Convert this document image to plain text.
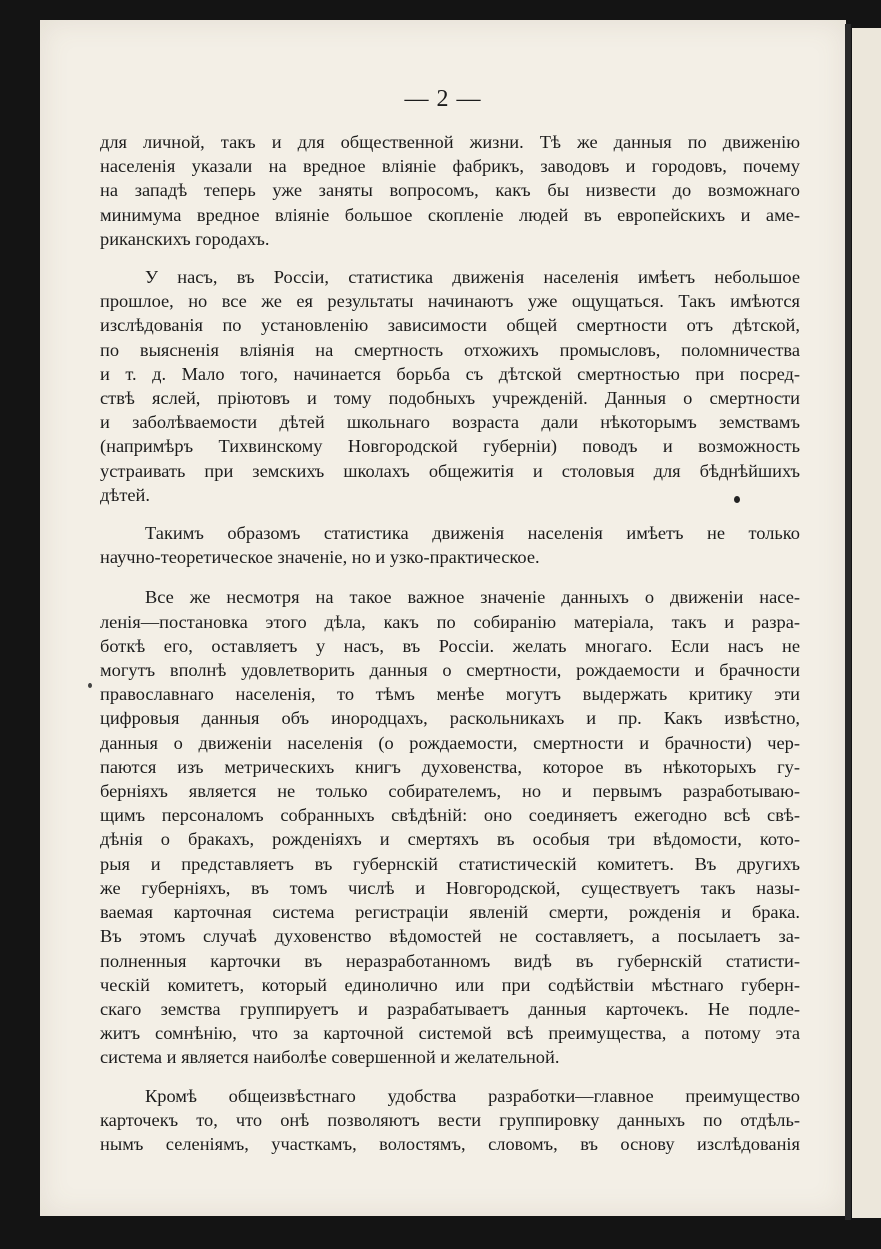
— 2 —
для личной, такъ и для общественной жизни. Тѣ же данныя по движенію
населенія указали на вредное вліяніе фабрикъ, заводовъ и городовъ, почему
на западѣ теперь уже заняты вопросомъ, какъ бы низвести до возможнаго
минимума вредное вліяніе большое скопленіе людей въ европейскихъ и аме-
риканскихъ городахъ.
У насъ, въ Россіи, статистика движенія населенія имѣетъ небольшое
прошлое, но все же ея результаты начинаютъ уже ощущаться. Такъ имѣются
изслѣдованія по установленію зависимости общей смертности отъ дѣтской,
по выясненія вліянія на смертность отхожихъ промысловъ, поломничества
и т. д. Мало того, начинается борьба съ дѣтской смертностью при посред-
ствѣ яслей, пріютовъ и тому подобныхъ учрежденій. Данныя о смертности
и заболѣваемости дѣтей школьнаго возраста дали нѣкоторымъ земствамъ
(напримѣръ Тихвинскому Новгородской губерніи) поводъ и возможность
устраивать при земскихъ школахъ общежитія и столовыя для бѣднѣйшихъ
дѣтей.
Такимъ образомъ статистика движенія населенія имѣетъ не только
научно-теоретическое значеніе, но и узко-практическое.
Все же несмотря на такое важное значеніе данныхъ о движеніи насе-
ленія—постановка этого дѣла, какъ по собиранію матеріала, такъ и разра-
боткѣ его, оставляетъ у насъ, въ Россіи. желать многаго. Если насъ не
могутъ вполнѣ удовлетворить данныя о смертности, рождаемости и брачности
православнаго населенія, то тѣмъ менѣе могутъ выдержать критику эти
цифровыя данныя объ инородцахъ, раскольникахъ и пр. Какъ извѣстно,
данныя о движеніи населенія (о рождаемости, смертности и брачности) чер-
паются изъ метрическихъ книгъ духовенства, которое въ нѣкоторыхъ гу-
берніяхъ является не только собирателемъ, но и первымъ разработываю-
щимъ персоналомъ собранныхъ свѣдѣній: оно соединяетъ ежегодно всѣ свѣ-
дѣнія о бракахъ, рожденіяхъ и смертяхъ въ особыя три вѣдомости, кото-
рыя и представляетъ въ губернскій статистическій комитетъ. Въ другихъ
же губерніяхъ, въ томъ числѣ и Новгородской, существуетъ такъ назы-
ваемая карточная система регистраціи явленій смерти, рожденія и брака.
Въ этомъ случаѣ духовенство вѣдомостей не составляетъ, а посылаетъ за-
полненныя карточки въ неразработанномъ видѣ въ губернскій статисти-
ческій комитетъ, который единолично или при содѣйствіи мѣстнаго губерн-
скаго земства группируетъ и разрабатываетъ данныя карточекъ. Не подле-
житъ сомнѣнію, что за карточной системой всѣ преимущества, а потому эта
система и является наиболѣе совершенной и желательной.
Кромѣ общеизвѣстнаго удобства разработки—главное преимущество
карточекъ то, что онѣ позволяютъ вести группировку данныхъ по отдѣль-
нымъ селеніямъ, участкамъ, волостямъ, словомъ, въ основу изслѣдованія
